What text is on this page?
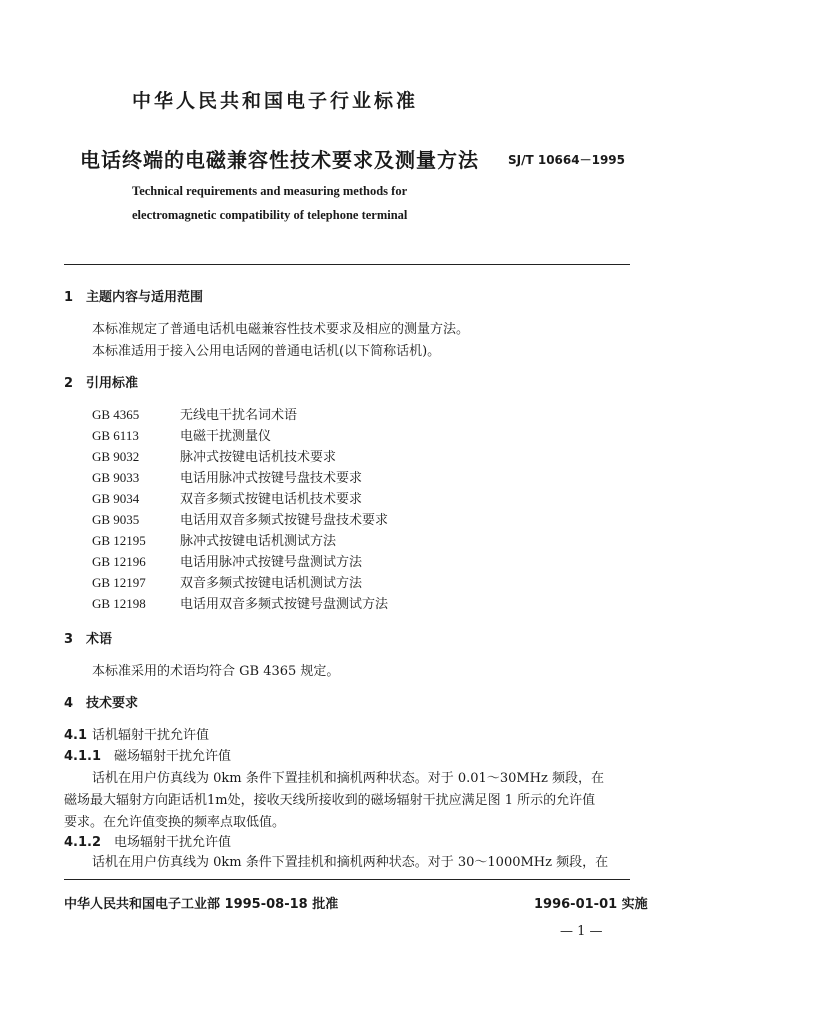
中华人民共和国电子行业标准
电话终端的电磁兼容性技术要求及测量方法 SJ/T 10664－1995
Technical requirements and measuring methods for
electromagnetic compatibility of telephone terminal
1 主题内容与适用范围
本标准规定了普通电话机电磁兼容性技术要求及相应的测量方法。
本标准适用于接入公用电话网的普通电话机(以下简称话机)。
2 引用标准
GB 4365	无线电干扰名词术语
GB 6113	电磁干扰测量仪
GB 9032	脉冲式按键电话机技术要求
GB 9033	电话用脉冲式按键号盘技术要求
GB 9034	双音多频式按键电话机技术要求
GB 9035	电话用双音多频式按键号盘技术要求
GB 12195	脉冲式按键电话机测试方法
GB 12196	电话用脉冲式按键号盘测试方法
GB 12197	双音多频式按键电话机测试方法
GB 12198	电话用双音多频式按键号盘测试方法
3 术语
本标准采用的术语均符合 GB 4365 规定。
4 技术要求
4.1 话机辐射干扰允许值
4.1.1 磁场辐射干扰允许值
话机在用户仿真线为 0km 条件下置挂机和摘机两种状态。对于 0.01～30MHz 频段，在
磁场最大辐射方向距话机1m处，接收天线所接收到的磁场辐射干扰应满足图 1 所示的允许值
要求。在允许值变换的频率点取低值。
4.1.2 电场辐射干扰允许值
话机在用户仿真线为 0km 条件下置挂机和摘机两种状态。对于 30～1000MHz 频段，在
中华人民共和国电子工业部 1995-08-18 批准	1996-01-01 实施
— 1 —
